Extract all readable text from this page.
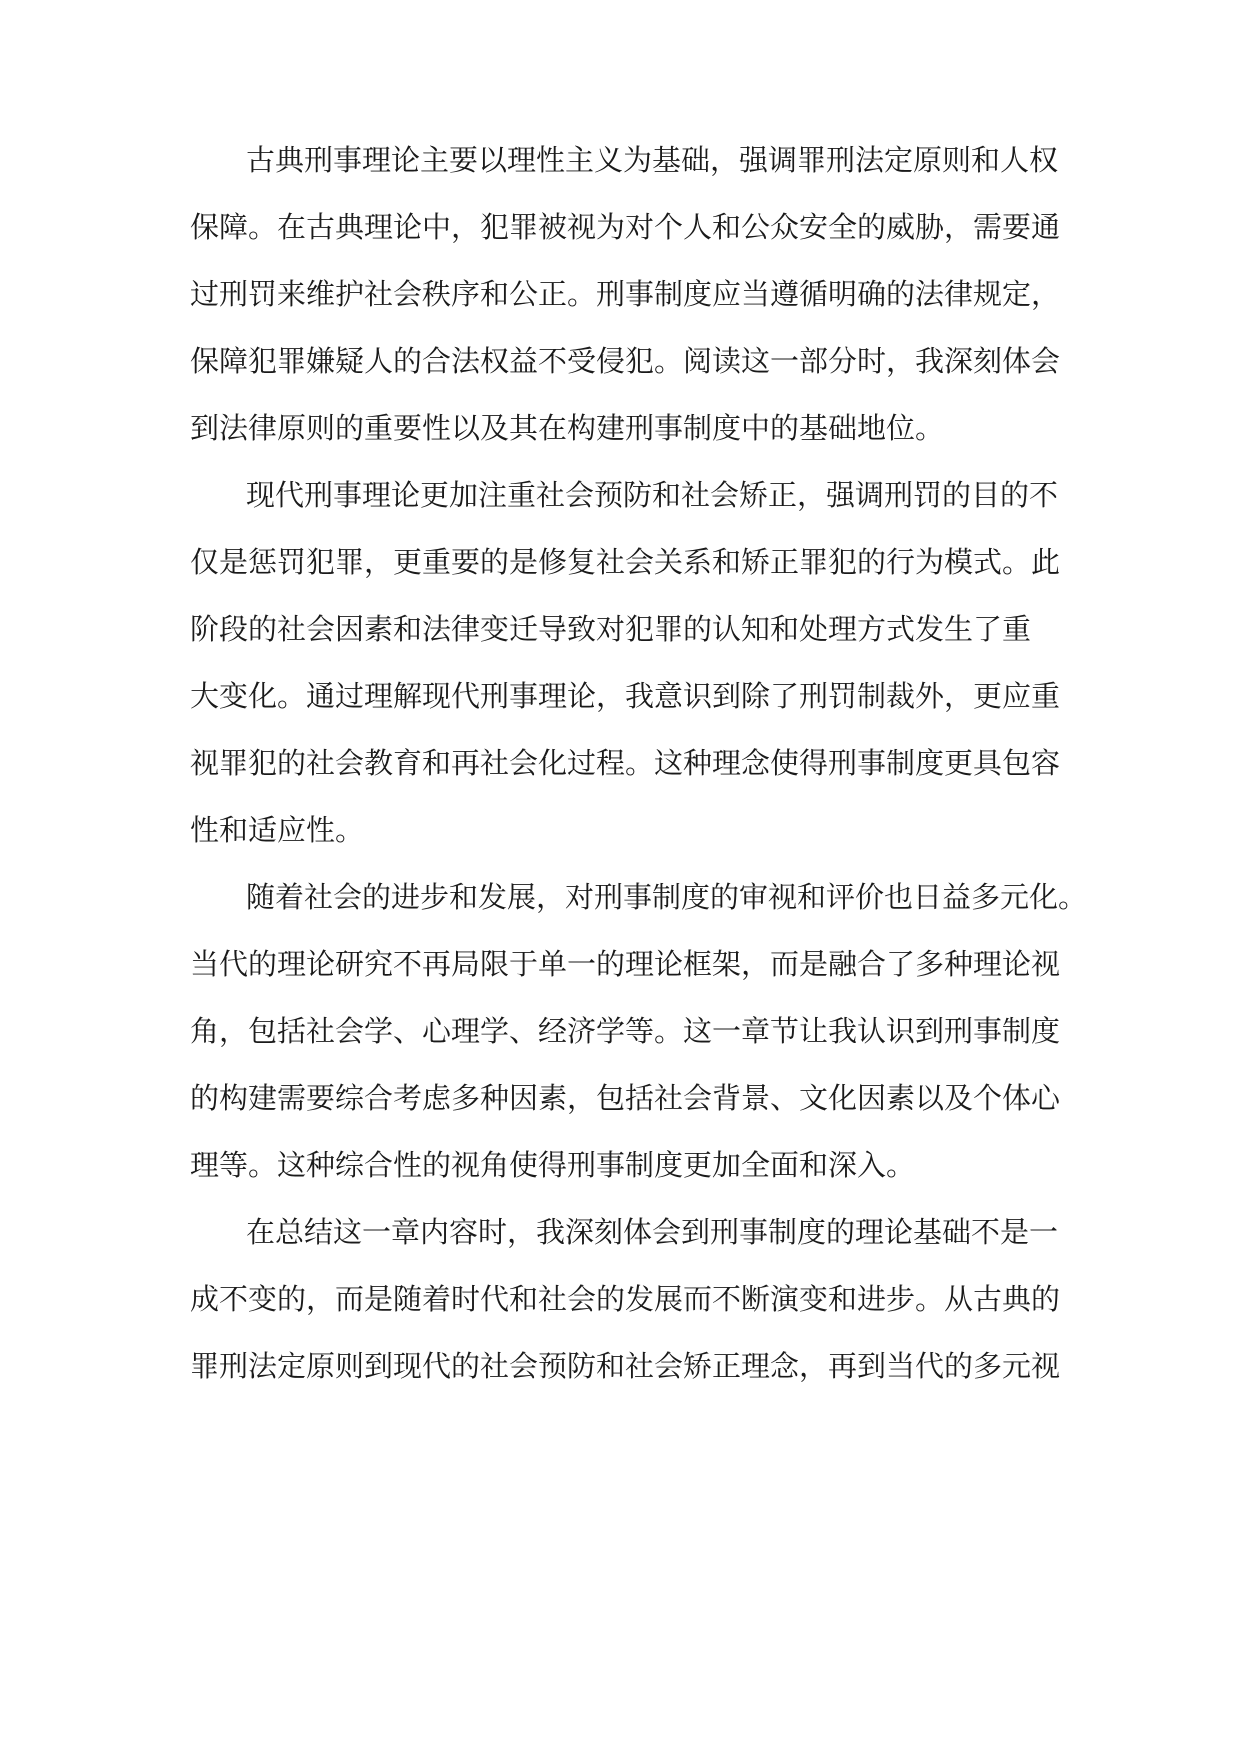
古典刑事理论主要以理性主义为基础，强调罪刑法定原则和人权
保障。在古典理论中，犯罪被视为对个人和公众安全的威胁，需要通
过刑罚来维护社会秩序和公正。刑事制度应当遵循明确的法律规定，
保障犯罪嫌疑人的合法权益不受侵犯。阅读这一部分时，我深刻体会
到法律原则的重要性以及其在构建刑事制度中的基础地位。
现代刑事理论更加注重社会预防和社会矫正，强调刑罚的目的不
仅是惩罚犯罪，更重要的是修复社会关系和矫正罪犯的行为模式。此
阶段的社会因素和法律变迁导致对犯罪的认知和处理方式发生了重
大变化。通过理解现代刑事理论，我意识到除了刑罚制裁外，更应重
视罪犯的社会教育和再社会化过程。这种理念使得刑事制度更具包容
性和适应性。
随着社会的进步和发展，对刑事制度的审视和评价也日益多元化。
当代的理论研究不再局限于单一的理论框架，而是融合了多种理论视
角，包括社会学、心理学、经济学等。这一章节让我认识到刑事制度
的构建需要综合考虑多种因素，包括社会背景、文化因素以及个体心
理等。这种综合性的视角使得刑事制度更加全面和深入。
在总结这一章内容时，我深刻体会到刑事制度的理论基础不是一
成不变的，而是随着时代和社会的发展而不断演变和进步。从古典的
罪刑法定原则到现代的社会预防和社会矫正理念，再到当代的多元视
